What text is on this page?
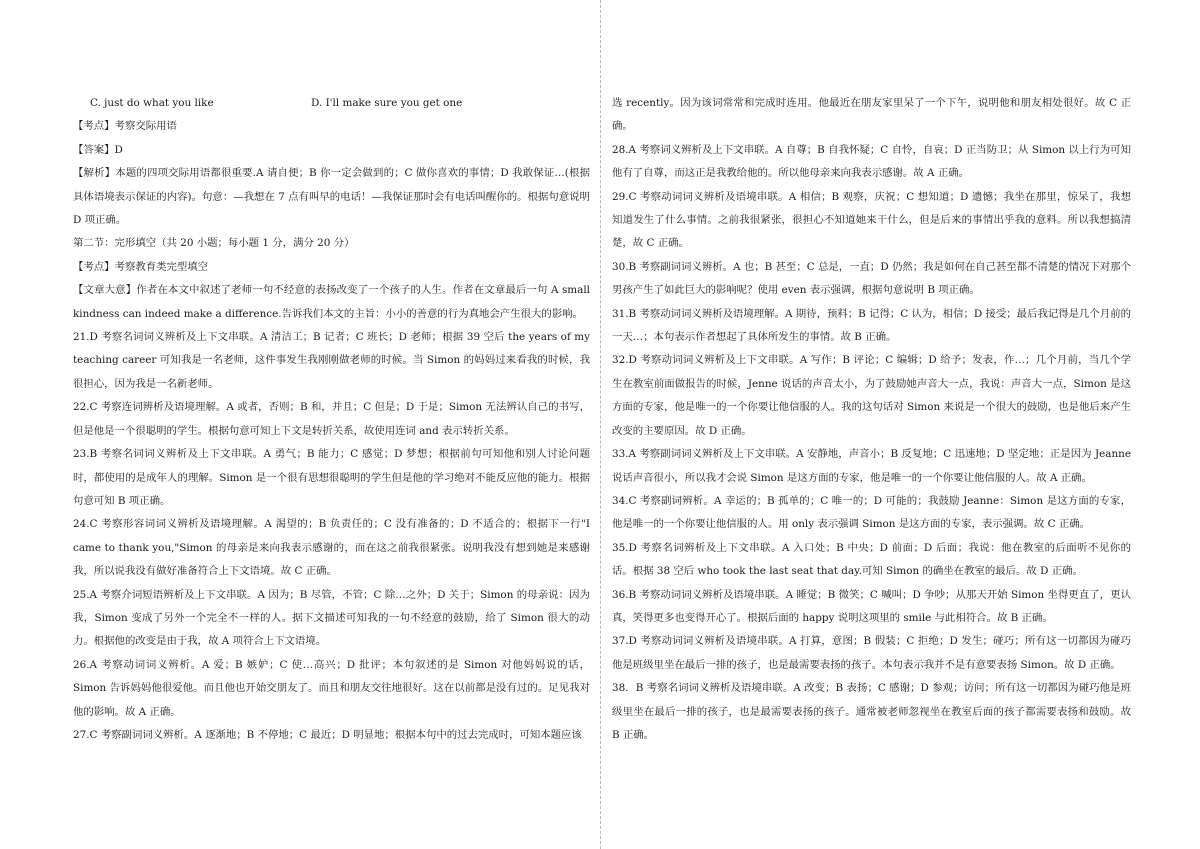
C. just do what you like	D. I'll make sure you get one

【考点】考察交际用语

【答案】D

【解析】本题的四项交际用语都很重要.A 请自便；B 你一定会做到的；C 做你喜欢的事情；D 我敢保证…(根据具体语境表示保证的内容)。句意：—我想在 7 点有叫早的电话！—我保证那时会有电话叫醒你的。根据句意说明 D 项正确。

第二节：完形填空（共 20 小题；每小题 1 分，满分 20 分）

【考点】考察教育类完型填空

【文章大意】作者在本文中叙述了老师一句不经意的表扬改变了一个孩子的人生。作者在文章最后一句 A small kindness can indeed make a difference.告诉我们本文的主旨：小小的善意的行为真地会产生很大的影响。

21.D 考察名词词义辨析及上下文串联。A 清洁工；B 记者；C 班长；D 老师；根据 39 空后 the years of my teaching career 可知我是一名老师，这件事发生我刚刚做老师的时候。当 Simon 的妈妈过来看我的时候，我很担心，因为我是一名新老师。

22.C 考察连词辨析及语境理解。A 或者，否则；B 和，并且；C 但是；D 于是；Simon 无法辨认自己的书写，但是他是一个很聪明的学生。根据句意可知上下文是转折关系，故使用连词 and 表示转折关系。

23.B 考察名词词义辨析及上下文串联。A 勇气；B 能力；C 感觉；D 梦想；根据前句可知他和别人讨论问题时，都使用的是成年人的理解。Simon 是一个很有思想很聪明的学生但是他的学习绝对不能反应他的能力。根据句意可知 B 项正确。

24.C 考察形容词词义辨析及语境理解。A 渴望的；B 负责任的；C 没有准备的；D 不适合的；根据下一行"I came to thank you,"Simon 的母亲是来向我表示感谢的，而在这之前我很紧张。说明我没有想到她是来感谢我，所以说我没有做好准备符合上下文语境。故 C 正确。

25.A 考察介词短语辨析及上下文串联。A 因为；B 尽管，不管；C 除…之外；D 关于；Simon 的母亲说：因为我，Simon 变成了另外一个完全不一样的人。据下文描述可知我的一句不经意的鼓励，给了 Simon 很大的动力。根据他的改变是由于我，故 A 项符合上下文语境。

26.A 考察动词词义辨析。A 爱；B 嫉妒；C 使…高兴；D 批评；本句叙述的是 Simon 对他妈妈说的话，Simon 告诉妈妈他很爱他。而且他也开始交朋友了。而且和朋友交往地很好。这在以前都是没有过的。足见我对他的影响。故 A 正确。

27.C 考察副词词义辨析。A 逐渐地；B 不停地；C 最近；D 明显地；根据本句中的过去完成时，可知本题应该

选 recently。因为该词常常和完成时连用。他最近在朋友家里呆了一个下午，说明他和朋友相处很好。故 C 正确。

28.A 考察词义辨析及上下文串联。A 自尊；B 自我怀疑；C 自怜，自哀；D 正当防卫；从 Simon 以上行为可知他有了自尊，而这正是我教给他的。所以他母亲来向我表示感谢。故 A 正确。

29.C 考察动词词义辨析及语境串联。A 相信；B 观察，庆祝；C 想知道；D 遗憾；我坐在那里，惊呆了，我想知道发生了什么事情。之前我很紧张，很担心不知道她来干什么，但是后来的事情出乎我的意料。所以我想搞清楚，故 C 正确。

30.B 考察副词词义辨析。A 也；B 甚至；C 总是，一直；D 仍然；我是如何在自己甚至都不清楚的情况下对那个男孩产生了如此巨大的影响呢？使用 even 表示强调，根据句意说明 B 项正确。

31.B 考察动词词义辨析及语境理解。A 期待，预料；B 记得；C 认为，相信；D 接受；最后我记得是几个月前的一天…；本句表示作者想起了具体所发生的事情。故 B 正确。

32.D 考察动词词义辨析及上下文串联。A 写作；B 评论；C 编辑；D 给予；发表，作…；几个月前，当几个学生在教室前面做报告的时候，Jenne 说话的声音太小，为了鼓励她声音大一点，我说：声音大一点，Simon 是这方面的专家，他是唯一的一个你要让他信服的人。我的这句话对 Simon 来说是一个很大的鼓励，也是他后来产生改变的主要原因。故 D 正确。

33.A 考察副词词义辨析及上下文串联。A 安静地，声音小；B 反复地；C 迅速地；D 坚定地；正是因为 Jeanne 说话声音很小，所以我才会说 Simon 是这方面的专家，他是唯一的一个你要让他信服的人。故 A 正确。

34.C 考察副词辨析。A 幸运的；B 孤单的；C 唯一的；D 可能的；我鼓励 Jeanne：Simon 是这方面的专家，他是唯一的一个你要让他信服的人。用 only 表示强调 Simon 是这方面的专家，表示强调。故 C 正确。

35.D 考察名词辨析及上下文串联。A 入口处；B 中央；D 前面；D 后面；我说：他在教室的后面听不见你的话。根据 38 空后 who took the last seat that day.可知 Simon 的确坐在教室的最后。故 D 正确。

36.B 考察动词词义辨析及语境串联。A 睡觉；B 微笑；C 喊叫；D 争吵；从那天开始 Simon 坐得更直了，更认真，笑得更多也变得开心了。根据后面的 happy 说明这项里的 smile 与此相符合。故 B 正确。

37.D 考察动词词义辨析及语境串联。A 打算，意图；B 假装；C 拒绝；D 发生；碰巧；所有这一切都因为碰巧他是班级里坐在最后一排的孩子，也是最需要表扬的孩子。本句表示我并不是有意要表扬 Simon。故 D 正确。

38．B 考察名词词义辨析及语境串联。A 改变；B 表扬；C 感谢；D 参观；访问；所有这一切都因为碰巧他是班级里坐在最后一排的孩子，也是最需要表扬的孩子。通常被老师忽视坐在教室后面的孩子都需要表扬和鼓励。故 B 正确。
